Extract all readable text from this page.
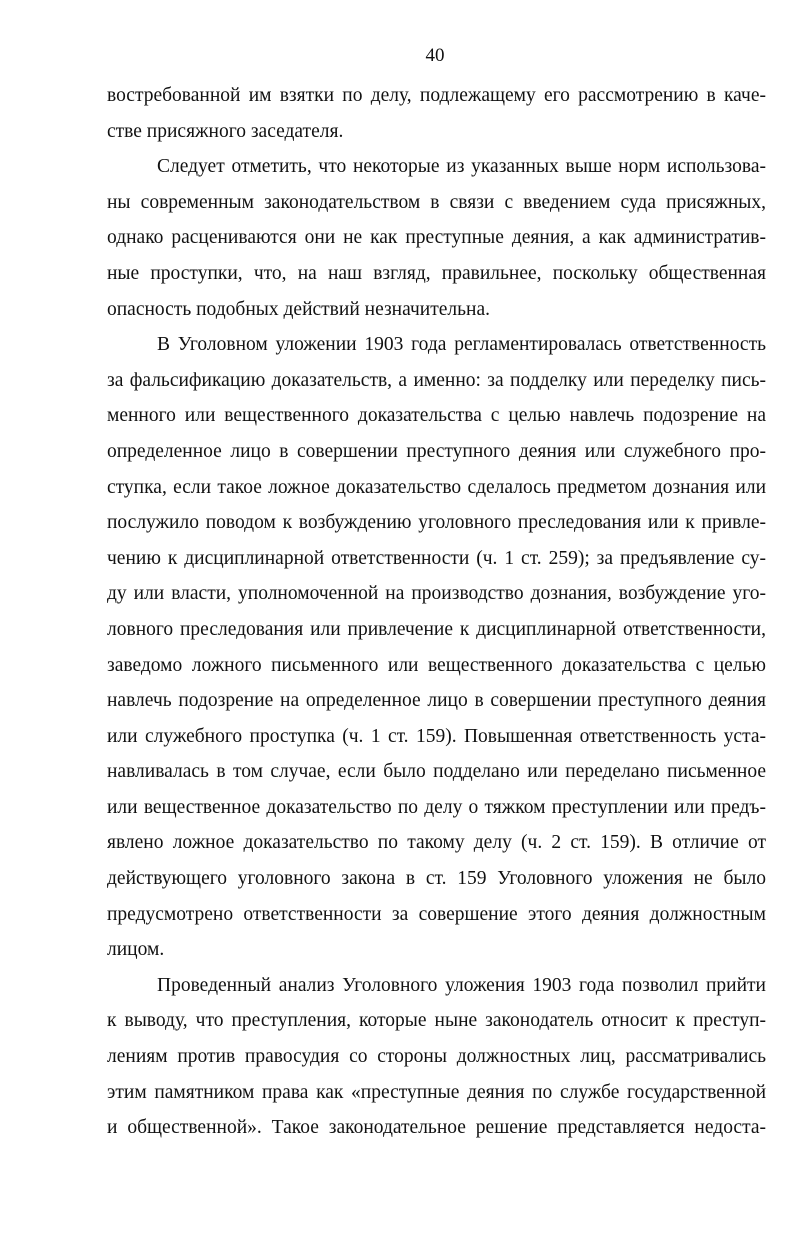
40
востребованной им взятки по делу, подлежащему его рассмотрению в каче-
стве присяжного заседателя.
Следует отметить, что некоторые из указанных выше норм использова-
ны современным законодательством в связи с введением суда присяжных,
однако расцениваются они не как преступные деяния, а как административ-
ные проступки, что, на наш взгляд, правильнее, поскольку общественная
опасность подобных действий незначительна.
В Уголовном уложении 1903 года регламентировалась ответственность
за фальсификацию доказательств, а именно: за подделку или переделку пись-
менного или вещественного доказательства с целью навлечь подозрение на
определенное лицо в совершении преступного деяния или служебного про-
ступка, если такое ложное доказательство сделалось предметом дознания или
послужило поводом к возбуждению уголовного преследования или к привле-
чению к дисциплинарной ответственности (ч. 1 ст. 259); за предъявление су-
ду или власти, уполномоченной на производство дознания, возбуждение уго-
ловного преследования или привлечение к дисциплинарной ответственности,
заведомо ложного письменного или вещественного доказательства с целью
навлечь подозрение на определенное лицо в совершении преступного деяния
или служебного проступка (ч. 1 ст. 159). Повышенная ответственность уста-
навливалась в том случае, если было подделано или переделано письменное
или вещественное доказательство по делу о тяжком преступлении или предъ-
явлено ложное доказательство по такому делу (ч. 2 ст. 159). В отличие от
действующего уголовного закона в ст. 159 Уголовного уложения не было
предусмотрено ответственности за совершение этого деяния должностным
лицом.
Проведенный анализ Уголовного уложения 1903 года позволил прийти
к выводу, что преступления, которые ныне законодатель относит к преступ-
лениям против правосудия со стороны должностных лиц, рассматривались
этим памятником права как «преступные деяния по службе государственной
и общественной». Такое законодательное решение представляется недоста-
